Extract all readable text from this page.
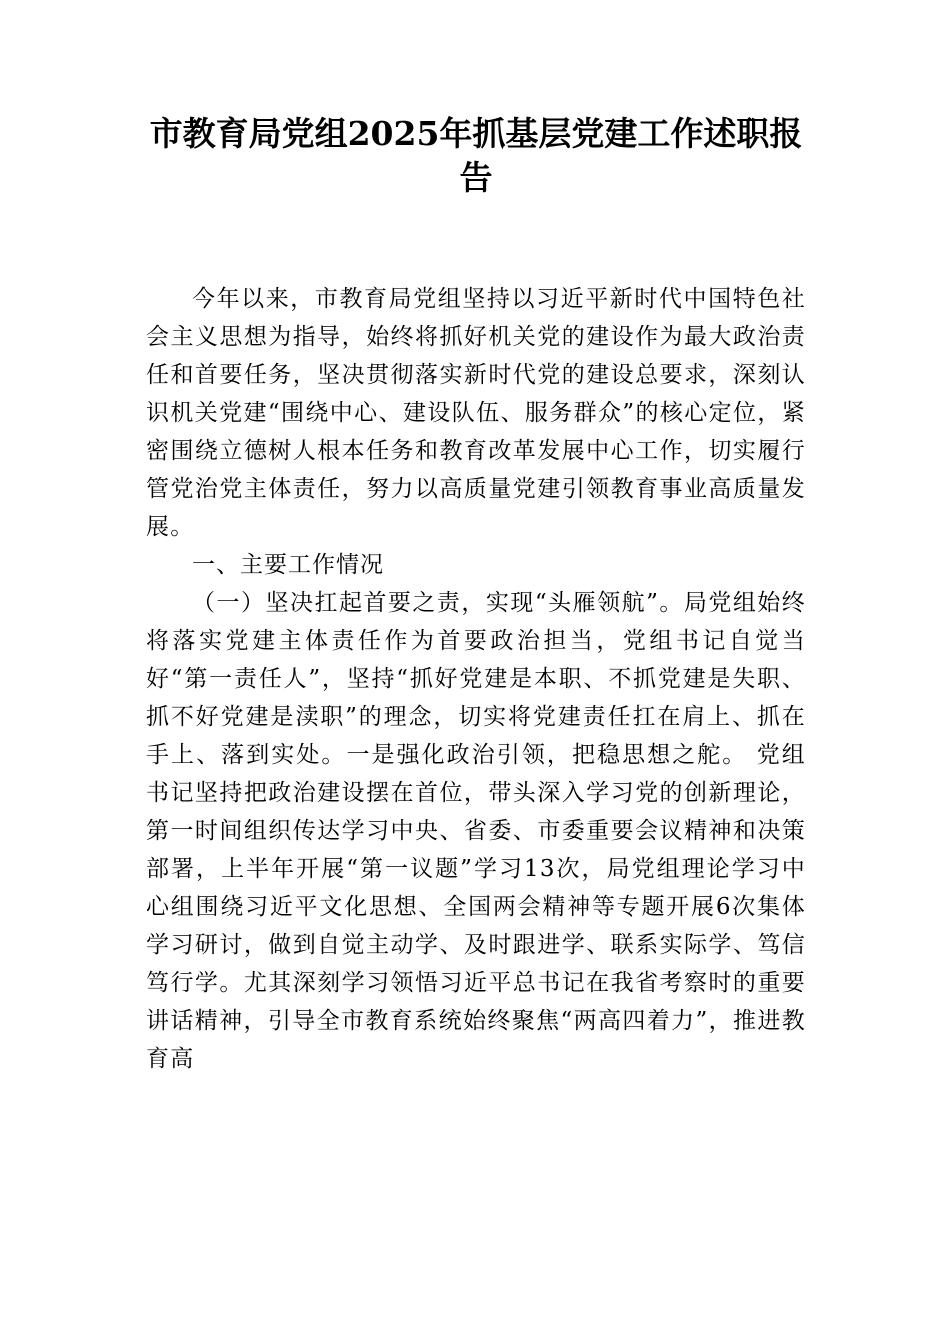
市教育局党组2025年抓基层党建工作述职报告

今年以来，市教育局党组坚持以习近平新时代中国特色社会主义思想为指导，始终将抓好机关党的建设作为最大政治责任和首要任务，坚决贯彻落实新时代党的建设总要求，深刻认识机关党建“围绕中心、建设队伍、服务群众”的核心定位，紧密围绕立德树人根本任务和教育改革发展中心工作，切实履行管党治党主体责任，努力以高质量党建引领教育事业高质量发展。

一、主要工作情况

（一）坚决扛起首要之责，实现“头雁领航”。局党组始终将落实党建主体责任作为首要政治担当，党组书记自觉当好“第一责任人”，坚持“抓好党建是本职、不抓党建是失职、抓不好党建是渎职”的理念，切实将党建责任扛在肩上、抓在手上、落到实处。一是强化政治引领，把稳思想之舵。 党组书记坚持把政治建设摆在首位，带头深入学习党的创新理论，第一时间组织传达学习中央、省委、市委重要会议精神和决策部署，上半年开展“第一议题”学习13次，局党组理论学习中心组围绕习近平文化思想、全国两会精神等专题开展6次集体学习研讨，做到自觉主动学、及时跟进学、联系实际学、笃信笃行学。尤其深刻学习领悟习近平总书记在我省考察时的重要讲话精神，引导全市教育系统始终聚焦“两高四着力”，推进教育高
